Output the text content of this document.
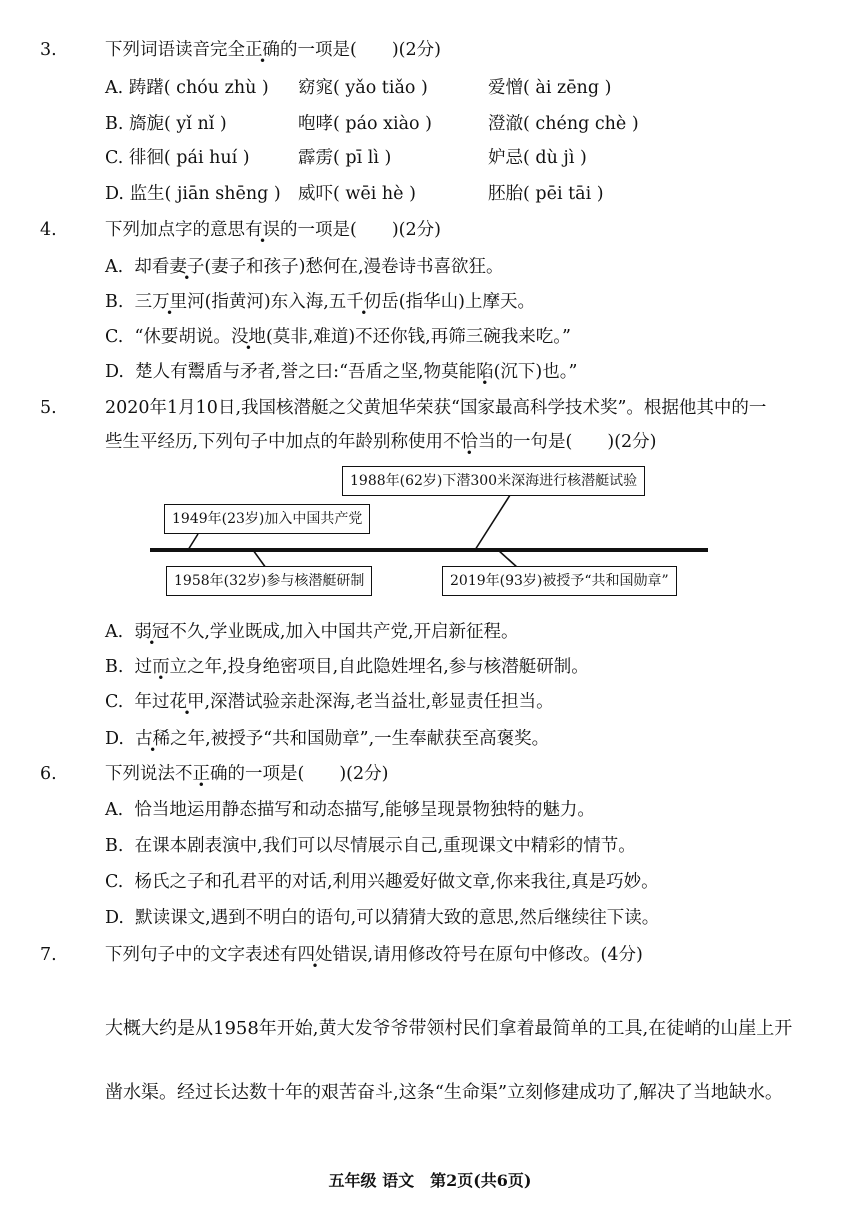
3.	下列词语读音完全正确的一项是(　　)(2分)
A. 踌躇( chóu zhù ) 窈窕( yǎo tiǎo )	爱憎( ài zēng )
B. 旖旎( yǐ nǐ )	咆哮( páo xiào )	澄澈( chéng chè )
C. 徘徊( pái huí )	霹雳( pī lì )	妒忌( dù jì )
D. 监生( jiān shēng ) 威吓( wēi hè )	胚胎( pēi tāi )
4.	下列加点字的意思有误的一项是(　　)(2分)
A. 却看妻子(妻子和孩子)愁何在,漫卷诗书喜欲狂。
B. 三万里河(指黄河)东入海,五千仞岳(指华山)上摩天。
C. “休要胡说。没地(莫非,难道)不还你钱,再筛三碗我来吃。”
D. 楚人有鬻盾与矛者,誉之曰:“吾盾之坚,物莫能陷(沉下)也。”
5.	2020年1月10日,我国核潜艇之父黄旭华荣获“国家最高科学技术奖”。根据他其中的一
些生平经历,下列句子中加点的年龄别称使用不恰当的一句是(　　)(2分)
1988年(62岁)下潜300米深海进行核潜艇试验
1949年(23岁)加入中国共产党
1958年(32岁)参与核潜艇研制	2019年(93岁)被授予“共和国勋章”
A. 弱冠不久,学业既成,加入中国共产党,开启新征程。
B. 过而立之年,投身绝密项目,自此隐姓埋名,参与核潜艇研制。
C. 年过花甲,深潜试验亲赴深海,老当益壮,彰显责任担当。
D. 古稀之年,被授予“共和国勋章”,一生奉献获至高褒奖。
6.	下列说法不正确的一项是(　　)(2分)
A. 恰当地运用静态描写和动态描写,能够呈现景物独特的魅力。
B. 在课本剧表演中,我们可以尽情展示自己,重现课文中精彩的情节。
C. 杨氏之子和孔君平的对话,利用兴趣爱好做文章,你来我往,真是巧妙。
D. 默读课文,遇到不明白的语句,可以猜猜大致的意思,然后继续往下读。
7.	下列句子中的文字表述有四处错误,请用修改符号在原句中修改。(4分)
大概大约是从1958年开始,黄大发爷爷带领村民们拿着最简单的工具,在徒峭的山崖上开
凿水渠。经过长达数十年的艰苦奋斗,这条“生命渠”立刻修建成功了,解决了当地缺水。
五年级 语文　第2页(共6页)
